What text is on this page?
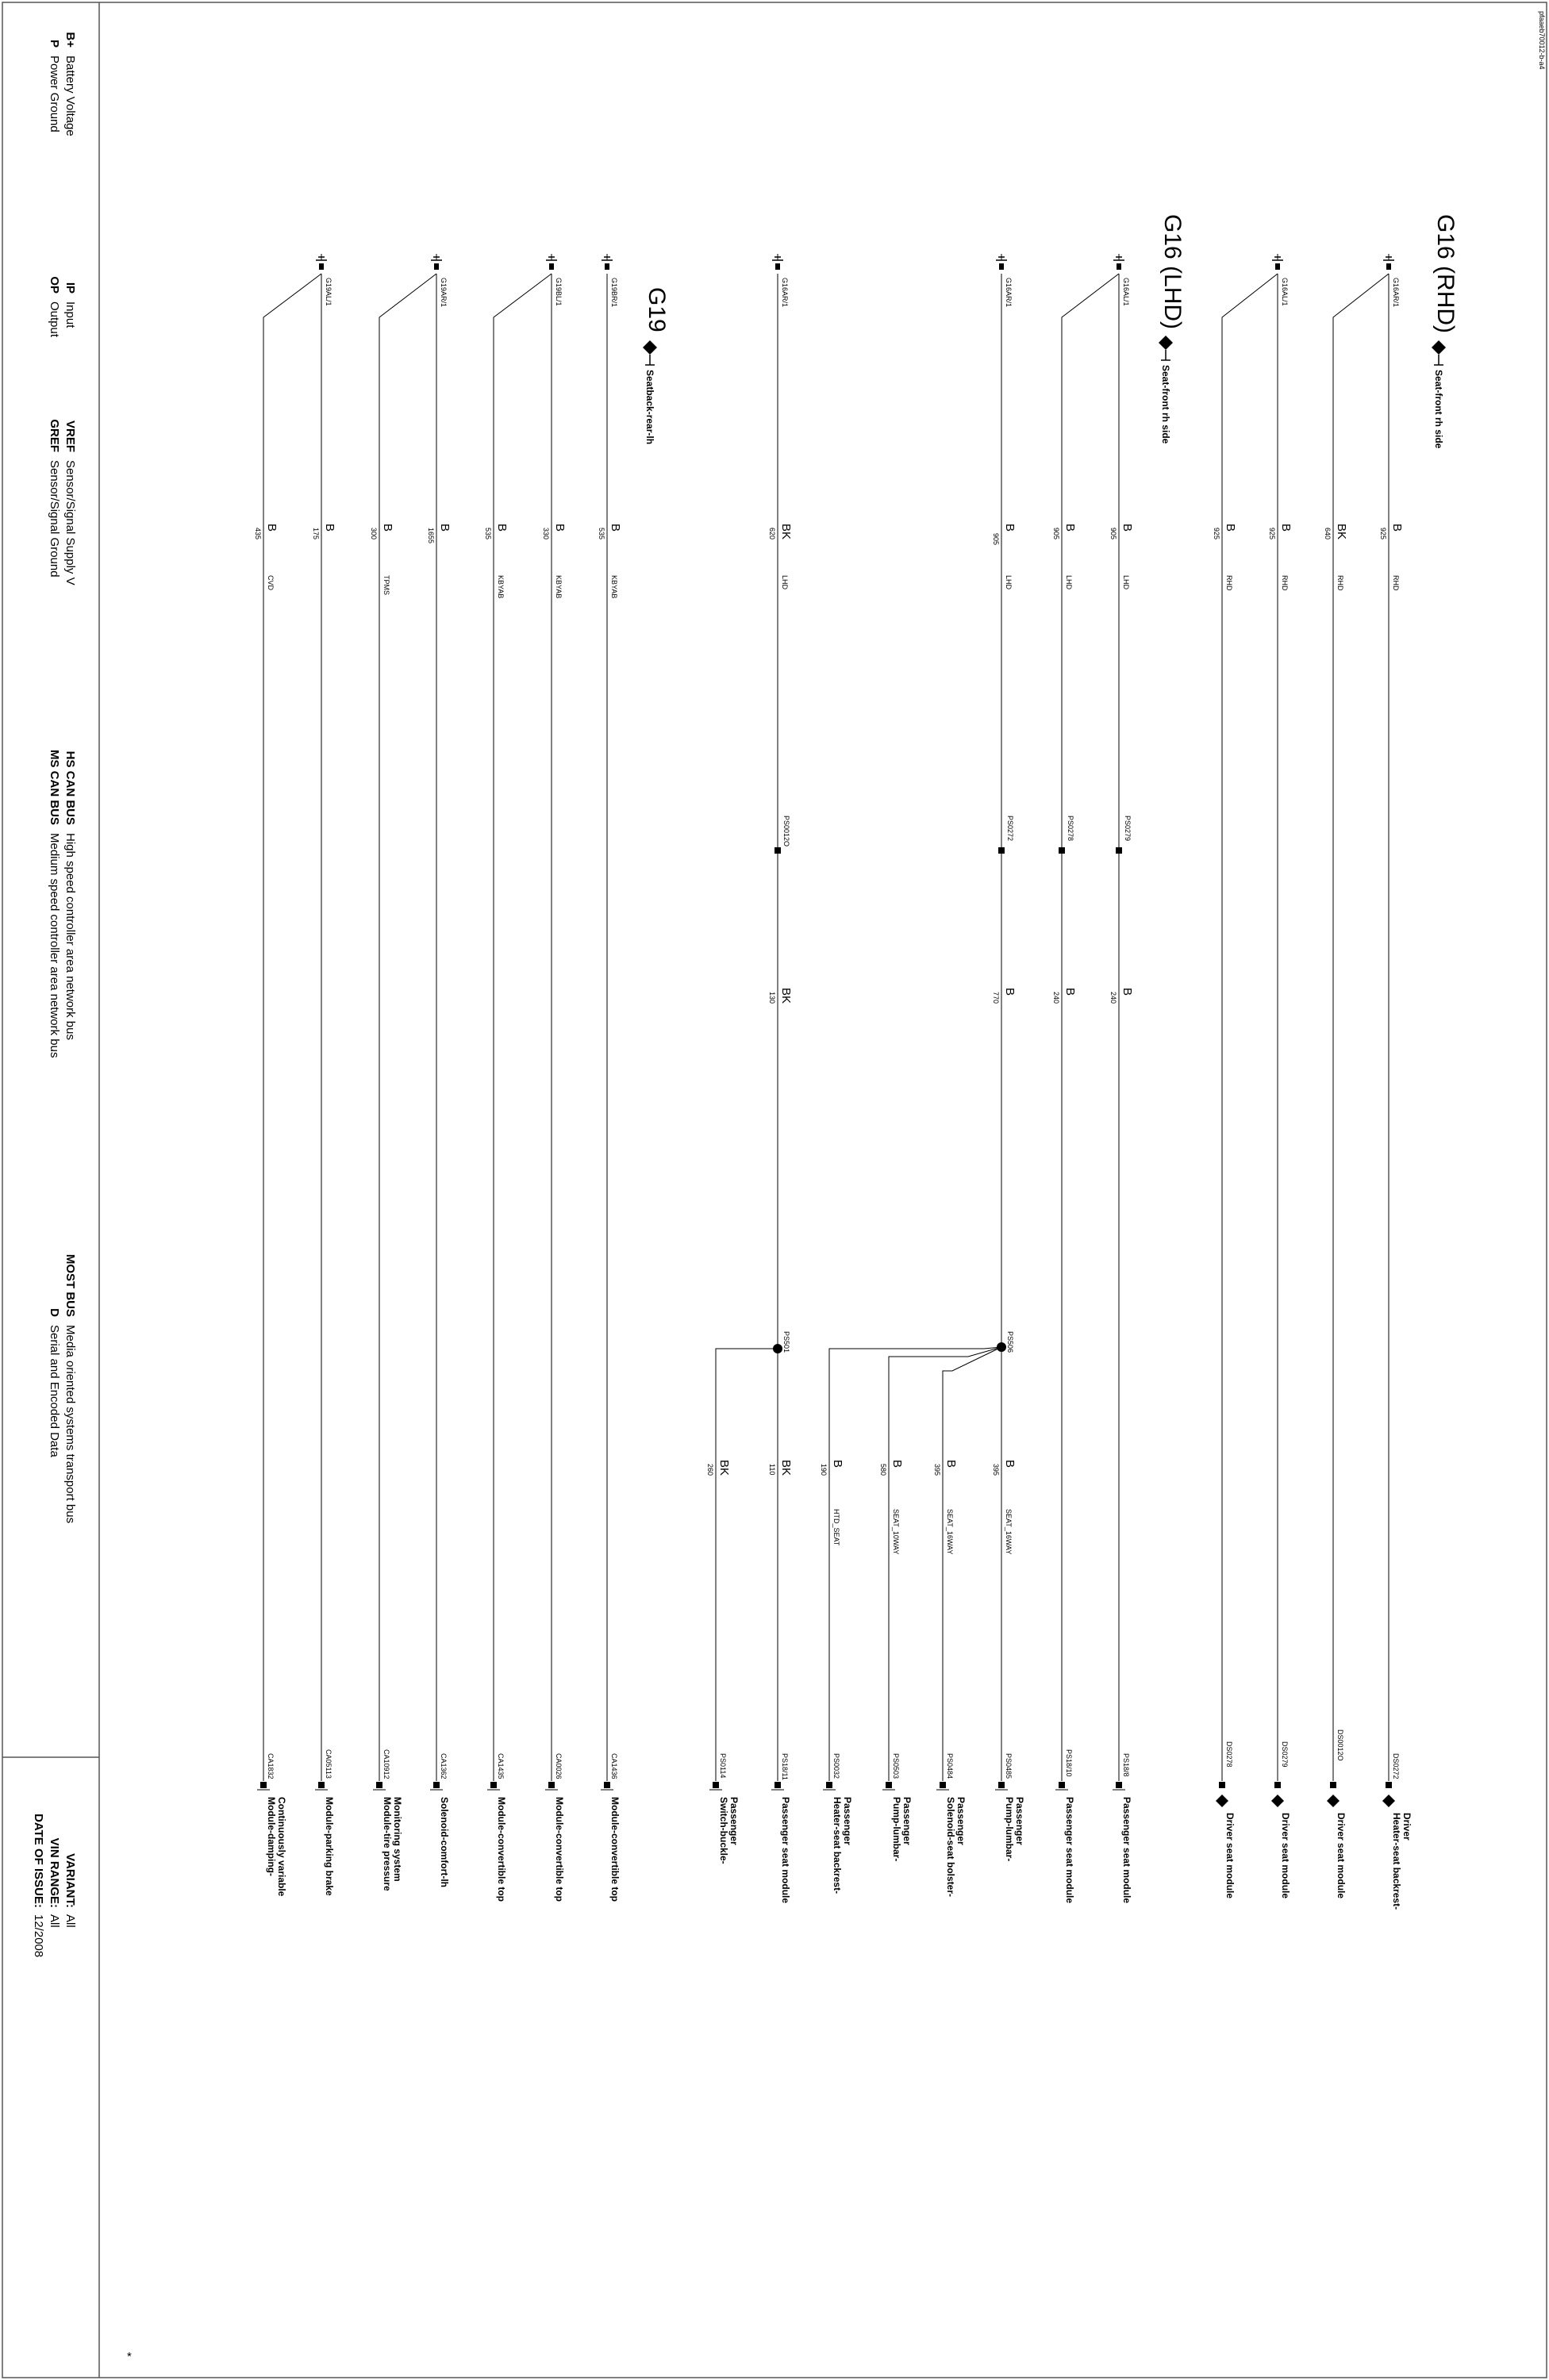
pfaaeb70012-b-a4
*
G16 (RHD)
Seat-front rh side
G16 (LHD)
Seat-front rh side
G19
Seatback-rear-lh
G16AR/1
G16AL/1
G16AL/1
G16AR/1
G16AR/1
G19BR/1
G19BL/1
G19AR/1
G19AL/1
B
925
RHD
BK
640
RHD
B
925
RHD
B
925
RHD
B
905
LHD
B
905
LHD
B
905
LHD
BK
620
LHD
B
535
KBYAB
B
330
KBYAB
B
535
KBYAB
B
1655
B
300
TPMS
B
175
B
435
CVD
PS0279
PS0278
PS0272
PS0012O
B
240
B
240
B
770
BK
130
PS506
PS501
B
395
SEAT_16WAY
B
395
SEAT_16WAY
B
580
SEAT_10WAY
B
190
HTD_SEAT
BK
110
BK
260
DS0272
Heater-seat backrest- Driver
DS0012O
Driver seat module
DS0279
Driver seat module
DS0278
Driver seat module
PS18/8
Passenger seat module
PS18/10
Passenger seat module
PS0485
Pump-lumbar- Passenger
PS0484
Solenoid-seat bolster- Passenger
PS0503
Pump-lumbar- Passenger
PS0032
Heater-seat backrest- Passenger
PS18/11
Passenger seat module
PS0114
Switch-buckle- Passenger
CA1436
Module-convertible top
CA0026
Module-convertible top
CA1435
Module-convertible top
CA1362
Solenoid-comfort-lh
CA10912
Module-tire pressure Monitoring system
CA05113
Module-parking brake
CA1832
Module-damping- Continuously variable
B+
Battery Voltage
P
Power Ground
IP
Input
OP
Output
VREF
Sensor/Signal Supply V
GREF
Sensor/Signal Ground
HS CAN BUS
High speed controller area network bus
MS CAN BUS
Medium speed controller area network bus
MOST BUS
Media oriented systems transport bus
D
Serial and Encoded Data
VARIANT:
All
VIN RANGE:
All
DATE OF ISSUE:
12/2008
